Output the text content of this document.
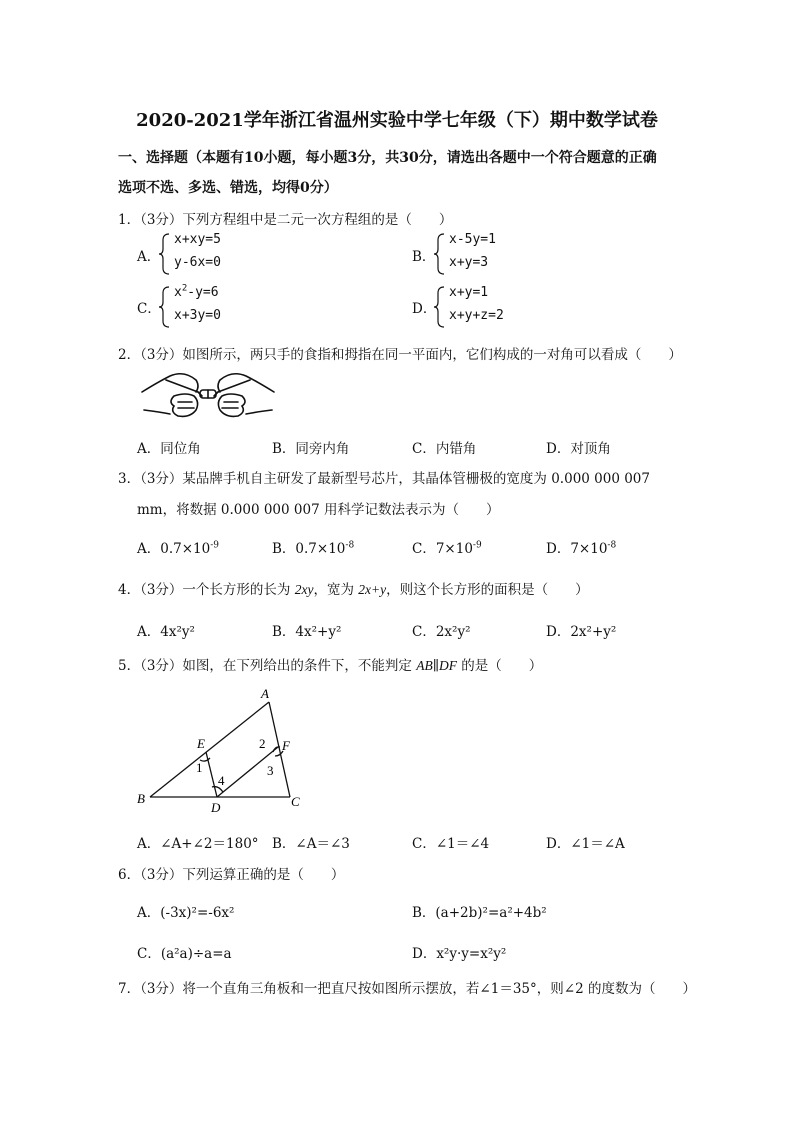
2020-2021学年浙江省温州实验中学七年级（下）期中数学试卷
一、选择题（本题有10小题，每小题3分，共30分，请选出各题中一个符合题意的正确
选项不选、多选、错选，均得0分）
1．（3分）下列方程组中是二元一次方程组的是（　　）
A．
x+xy=5
y-6x=0	B．
x-5y=1
x+y=3
C．
$x^2-y=6$
x+3y=0	D．
x+y=1
x+y+z=2
2．（3分）如图所示，两只手的食指和拇指在同一平面内，它们构成的一对角可以看成（　　）
A．同位角	B．同旁内角	C．内错角	D．对顶角
3．（3分）某品牌手机自主研发了最新型号芯片，其晶体管栅极的宽度为 0.000 000 007
mm，将数据 0.000 000 007 用科学记数法表示为（　　）
A．$0.7\times 10^{-9}$	B．$0.7\times 10^{-8}$	C．$7\times 10^{-9}$	D．$7\times 10^{-8}$
4．（3分）一个长方形的长为 2xy，宽为 2x+y，则这个长方形的面积是（　　）
A．4x²y²	B．4x²+y²	C．2x²y²	D．2x²+y²
5．（3分）如图，在下列给出的条件下，不能判定 AB∥DF 的是（　　）
A
B	C
D
E	F
1
2
3
4
A．∠A+∠2＝180° B．∠A＝∠3	C．∠1＝∠4	D．∠1＝∠A
6．（3分）下列运算正确的是（　　）
A．(-3x)²=-6x²	B．(a+2b)²=a²+4b²
C．(a²a)÷a=a	D．x²y·y=x²y²
7．（3分）将一个直角三角板和一把直尺按如图所示摆放，若∠1＝35°，则∠2 的度数为（　　）
